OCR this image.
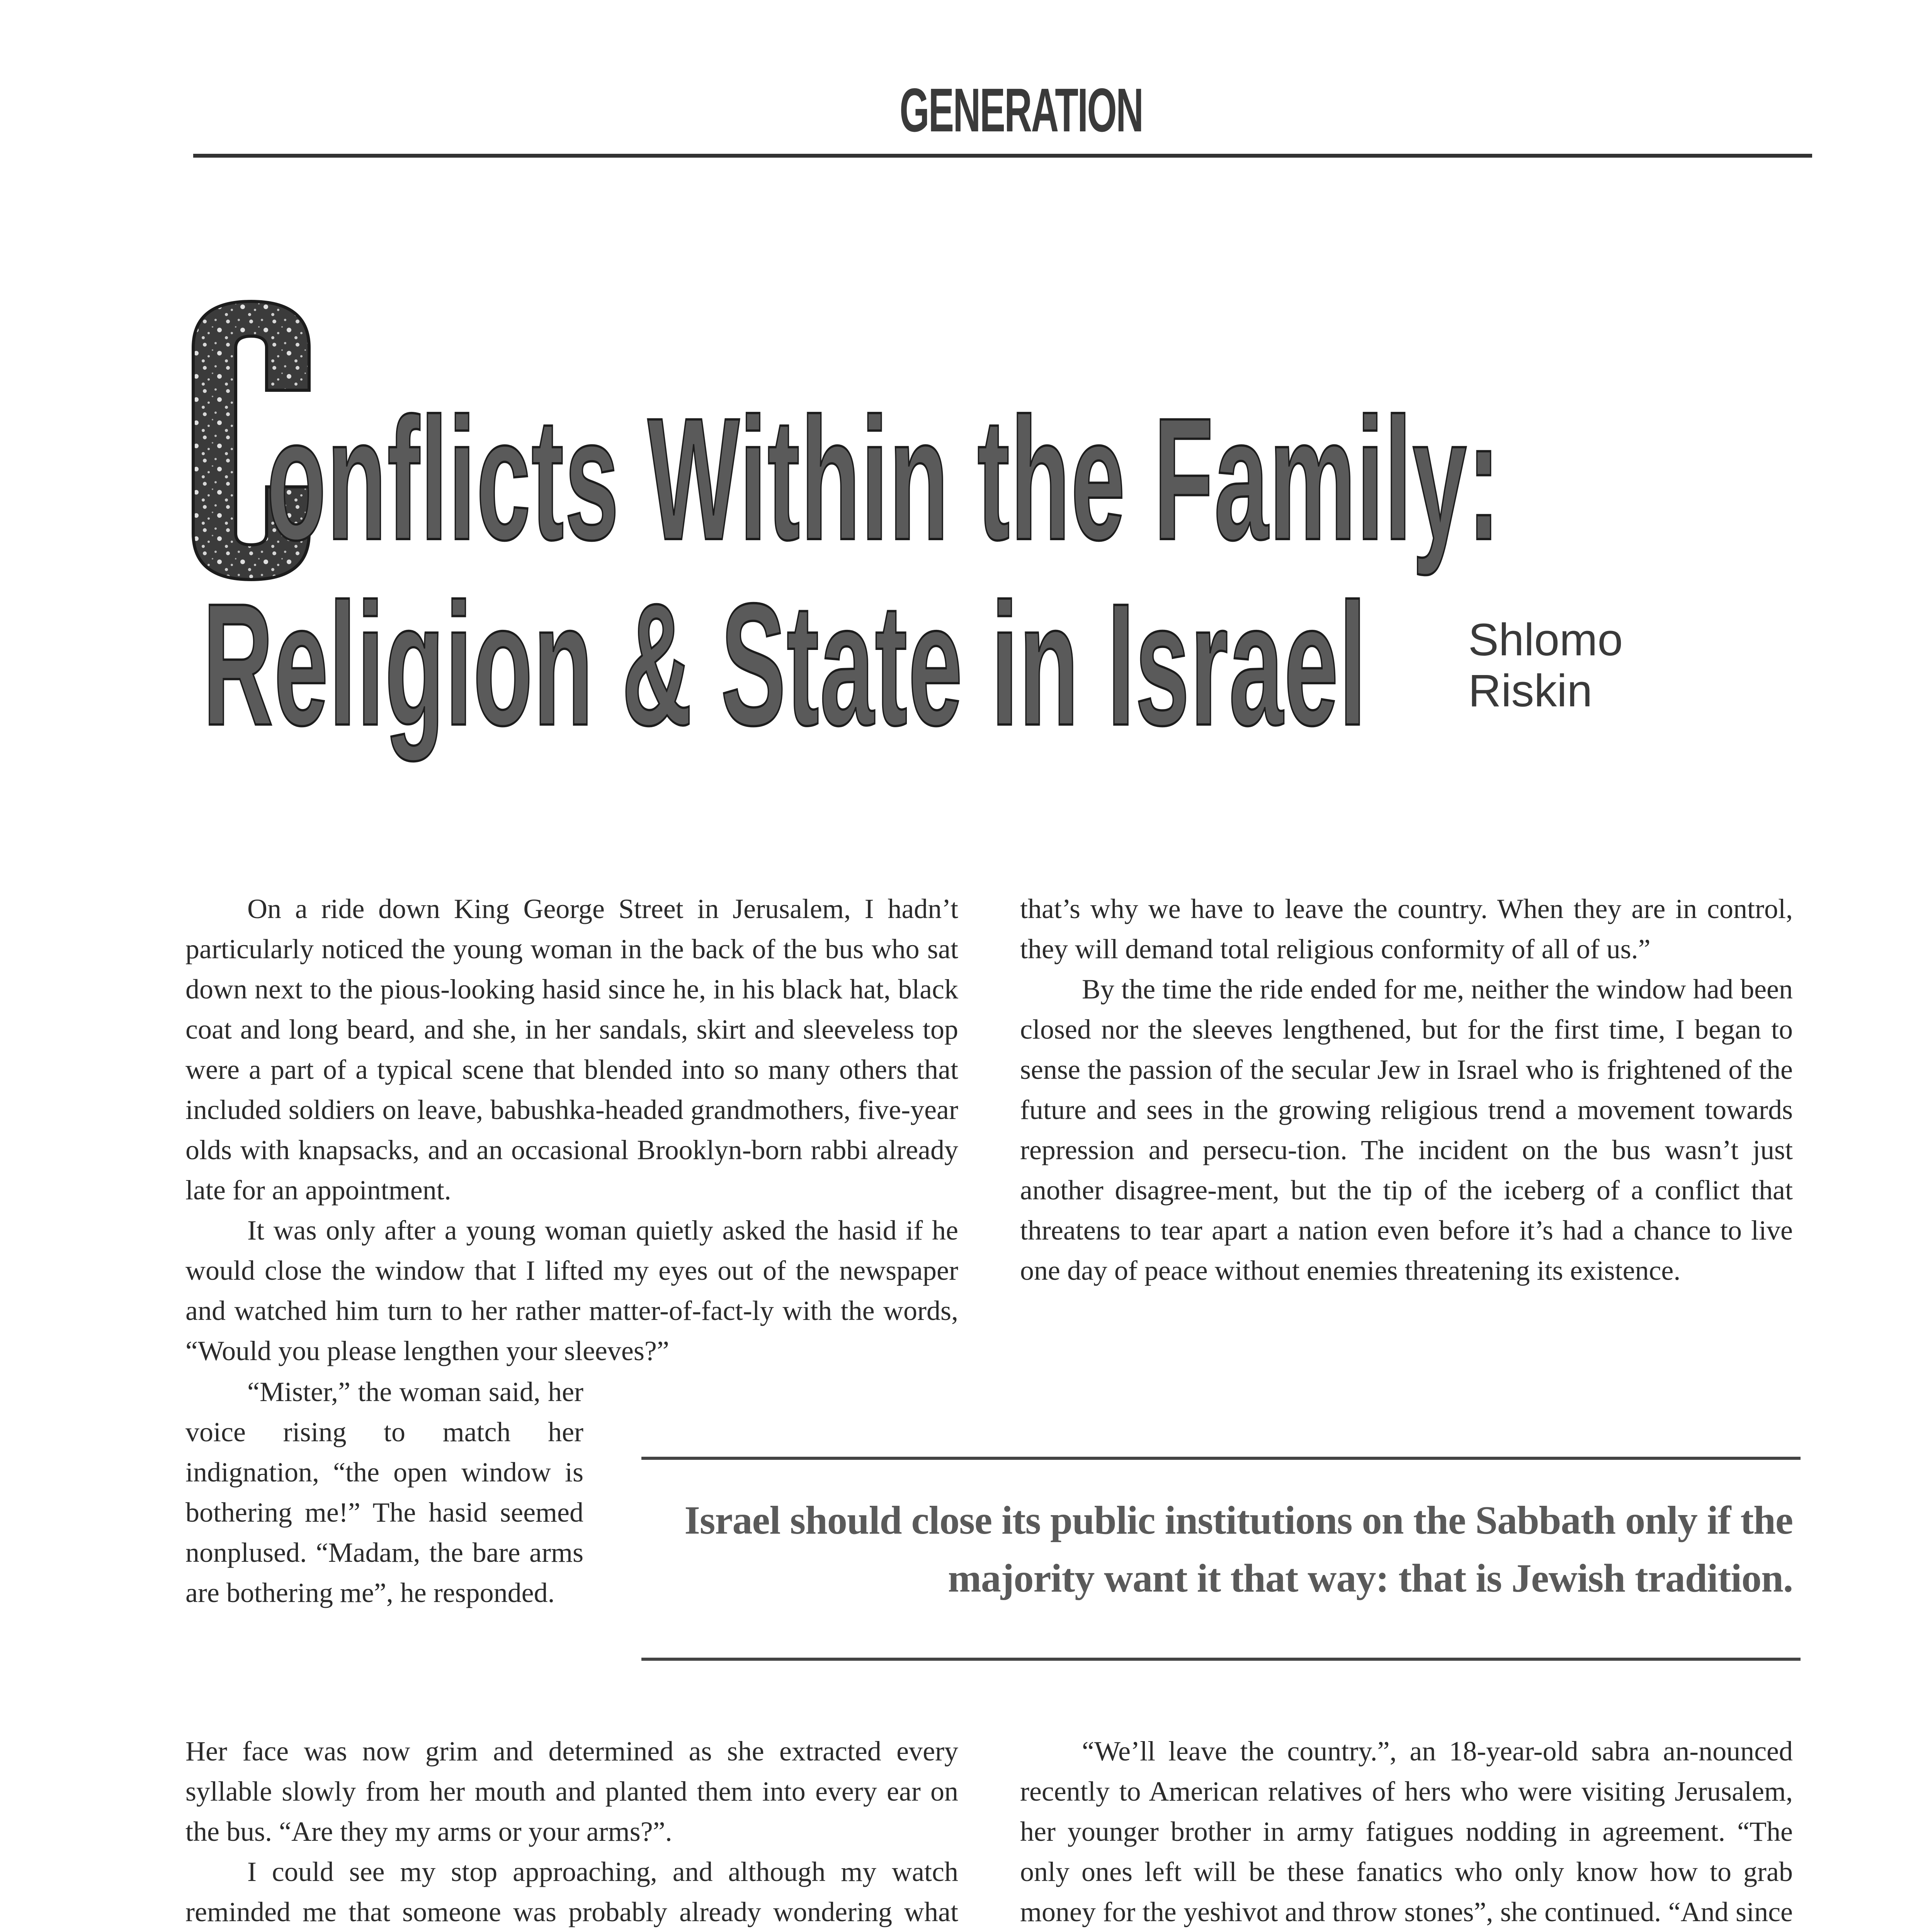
GENERATION
onflicts Within the Family:
Religion & State in Israel Shlomo
Riskin

On a ride down King George Street in Jerusalem, I hadn’t particularly noticed the young woman in the back of the bus who sat down next to the pious-looking hasid since he, in his black hat, black coat and long beard, and she, in her sandals, skirt and sleeveless top were a part of a typical scene that blended into so many others that included soldiers on leave, babushka-headed grandmothers, five-year olds with knapsacks, and an occasional Brooklyn-born rabbi already late for an appointment.

It was only after a young woman quietly asked the hasid if he would close the window that I lifted my eyes out of the newspaper and watched him turn to her rather matter-of-fact-ly with the words, “Would you please lengthen your sleeves?”

“Mister,” the woman said, her voice rising to match her indignation, “the open window is bothering me!” The hasid seemed nonplused. “Madam, the bare arms are bothering me”, he responded.

Her face was now grim and determined as she extracted every syllable slowly from her mouth and planted them into every ear on the bus. “Are they my arms or your arms?”.

I could see my stop approaching, and although my watch reminded me that someone was probably already wondering what

that’s why we have to leave the country. When they are in control, they will demand total religious conformity of all of us.”

By the time the ride ended for me, neither the window had been closed nor the sleeves lengthened, but for the first time, I began to sense the passion of the secular Jew in Israel who is frightened of the future and sees in the growing religious trend a movement towards repression and persecu-tion. The incident on the bus wasn’t just another disagree-ment, but the tip of the iceberg of a conflict that threatens to tear apart a nation even before it’s had a chance to live one day of peace without enemies threatening its existence.

“We’ll leave the country.”, an 18-year-old sabra an-nounced recently to American relatives of hers who were visiting Jerusalem, her younger brother in army fatigues nodding in agreement. “The only ones left will be these fanatics who only know how to grab money for the yeshivot and throw stones”, she continued. “And since

Israel should close its public institutions on the Sabbath only if the majority want it that way: that is Jewish tradition.
